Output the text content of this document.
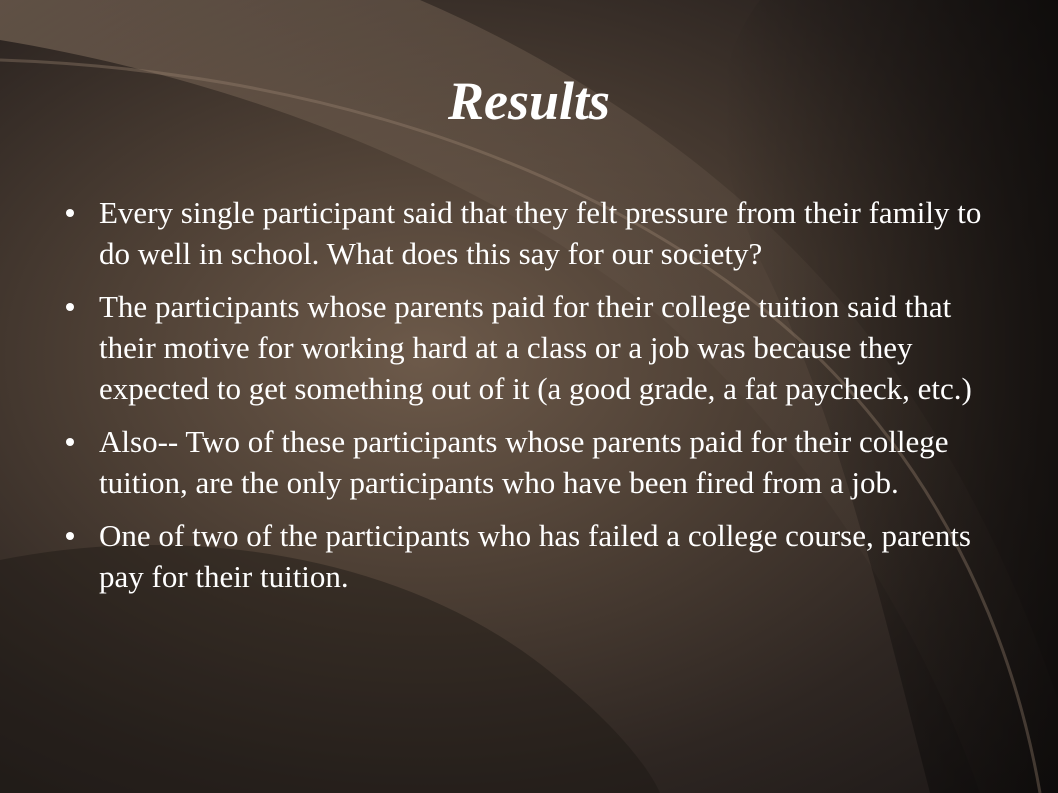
Results
Every single participant said that they felt pressure from their family to do well in school. What does this say for our society?
The participants whose parents paid for their college tuition said that their motive for working hard at a class or a job was because they expected to get something out of it (a good grade, a fat paycheck, etc.)
Also-- Two of these participants whose parents paid for their college tuition, are the only participants who have been fired from a job.
One of two of the participants who has failed a college course, parents pay for their tuition.
